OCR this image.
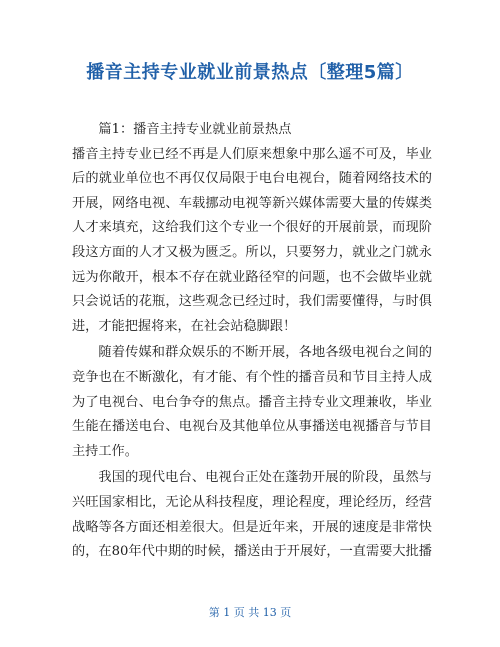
播音主持专业就业前景热点〔整理5篇〕
篇1：播音主持专业就业前景热点
播音主持专业已经不再是人们原来想象中那么遥不可及，毕业
后的就业单位也不再仅仅局限于电台电视台，随着网络技术的
开展，网络电视、车载挪动电视等新兴媒体需要大量的传媒类
人才来填充，这给我们这个专业一个很好的开展前景，而现阶
段这方面的人才又极为匮乏。所以，只要努力，就业之门就永
远为你敞开，根本不存在就业路径窄的问题，也不会做毕业就
只会说话的花瓶，这些观念已经过时，我们需要懂得，与时俱
进，才能把握将来，在社会站稳脚跟！
随着传媒和群众娱乐的不断开展，各地各级电视台之间的
竞争也在不断激化，有才能、有个性的播音员和节目主持人成
为了电视台、电台争夺的焦点。播音主持专业文理兼收，毕业
生能在播送电台、电视台及其他单位从事播送电视播音与节目
主持工作。
我国的现代电台、电视台正处在蓬勃开展的阶段，虽然与
兴旺国家相比，无论从科技程度，理论程度，理论经历，经营
战略等各方面还相差很大。但是近年来，开展的速度是非常快
的，在80年代中期的时候，播送由于开展好，一直需要大批播
第 1 页 共 13 页
